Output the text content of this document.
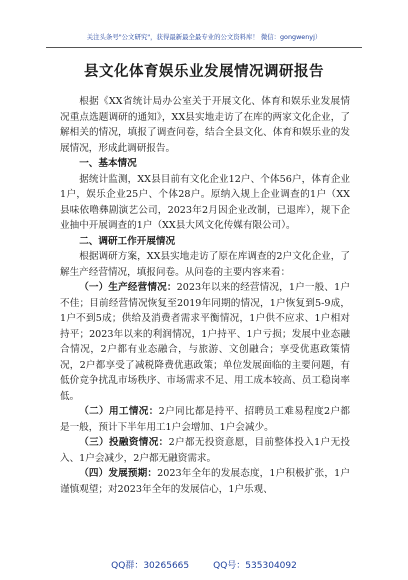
关注头条号"公文研究"，获得最新最全最专业的公文资料库！ 微信：gongwenyj）
县文化体育娱乐业发展情况调研报告

根据《XX省统计局办公室关于开展文化、体育和娱乐业发展情况重点选题调研的通知》，XX县实地走访了在库的两家文化企业，了解相关的情况，填报了调查问卷，结合全县文化、体育和娱乐业的发展情况，形成此调研报告。

一、基本情况

据统计监测，XX县目前有文化企业12户、个体56户，体育企业1户，娱乐企业25户、个体28户。原纳入规上企业调查的1户（XX县味依噜彝剧演艺公司，2023年2月因企业改制，已退库），规下企业抽中开展调查的1户（XX县大风文化传媒有限公司）。

二、调研工作开展情况

根据调研方案，XX县实地走访了原在库调查的2户文化企业，了解生产经营情况，填报问卷。从问卷的主要内容来看：

（一）生产经营情况：2023年以来的经营情况，1户一般、1户不佳；目前经营情况恢复至2019年同期的情况，1户恢复到5-9成，1户不到5成；供给及消费者需求平衡情况，1户供不应求、1户相对持平；2023年以来的利润情况，1户持平、1户亏损；发展中业态融合情况，2户都有业态融合，与旅游、文创融合；享受优惠政策情况，2户都享受了减税降费优惠政策；单位发展面临的主要问题，有低价竞争扰乱市场秩序、市场需求不足、用工成本较高、员工稳岗率低。

（二）用工情况：2户同比都是持平、招聘员工难易程度2户都是一般，预计下半年用工1户会增加、1户会减少。

（三）投融资情况：2户都无投资意愿，目前整体投入1户无投入、1户会减少，2户都无融资需求。

（四）发展预期：2023年全年的发展态度，1户积极扩张，1户谨慎观望；对2023年全年的发展信心，1户乐观、

QQ群：30265665	QQ号：535304092
